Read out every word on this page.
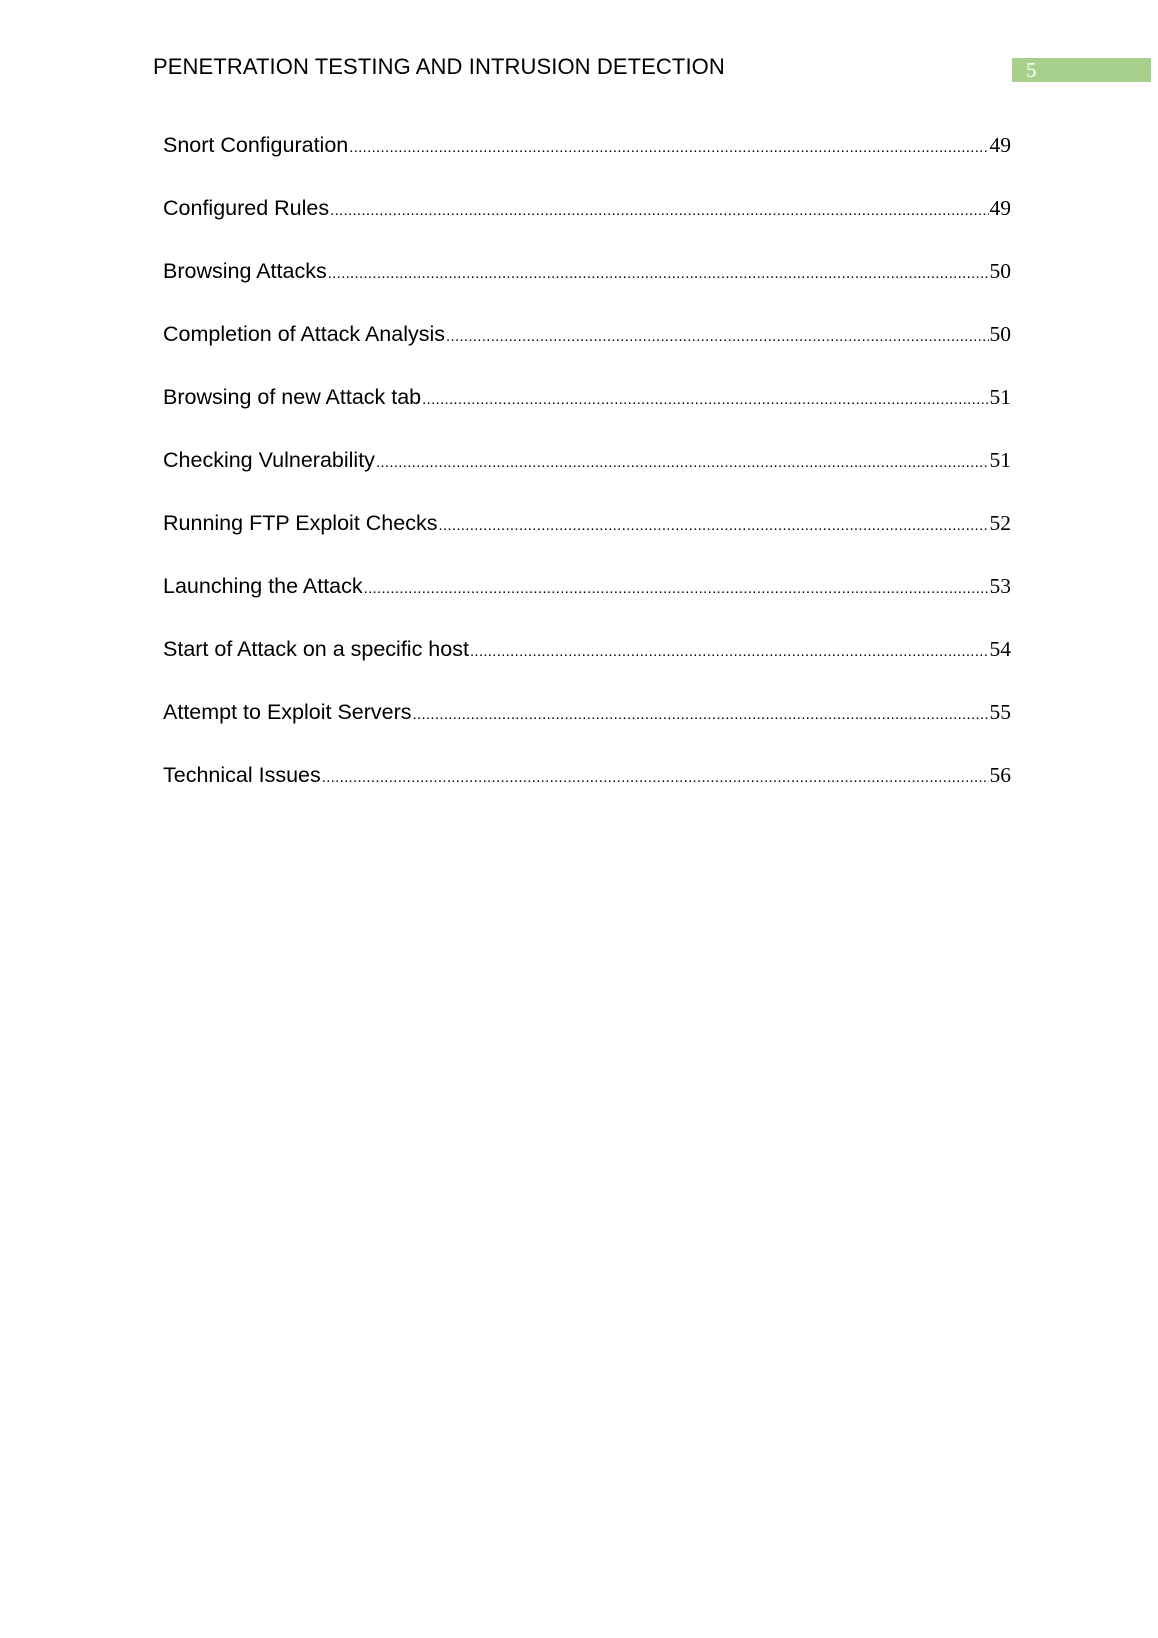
PENETRATION TESTING AND INTRUSION DETECTION	5
Snort Configuration .....	49
Configured Rules .....	49
Browsing Attacks .....	50
Completion of Attack Analysis .....	50
Browsing of new Attack tab .....	51
Checking Vulnerability .....	51
Running FTP Exploit Checks .....	52
Launching the Attack .....	53
Start of Attack on a specific host .....	54
Attempt to Exploit Servers .....	55
Technical Issues .....	56
